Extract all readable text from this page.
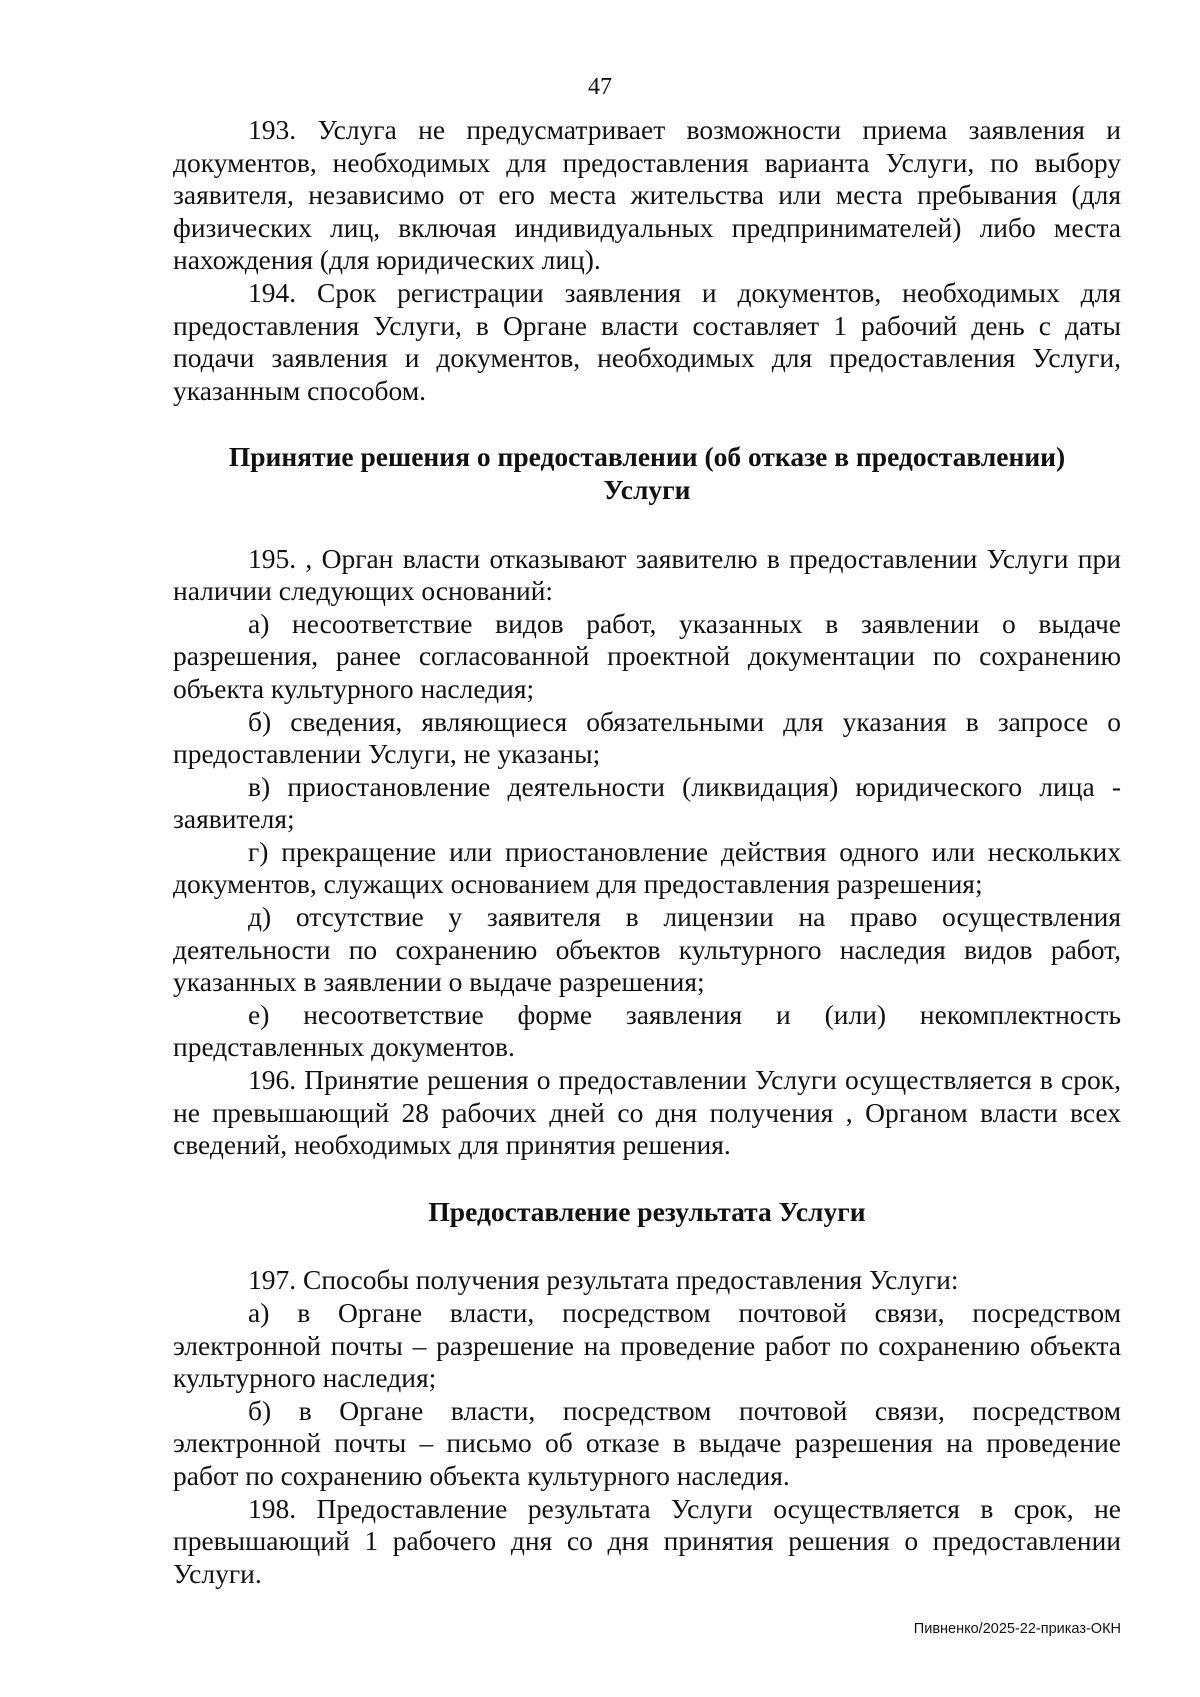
47

193. Услуга не предусматривает возможности приема заявления и документов, необходимых для предоставления варианта Услуги, по выбору заявителя, независимо от его места жительства или места пребывания (для физических лиц, включая индивидуальных предпринимателей) либо места нахождения (для юридических лиц).

194. Срок регистрации заявления и документов, необходимых для предоставления Услуги, в Органе власти составляет 1 рабочий день с даты подачи заявления и документов, необходимых для предоставления Услуги, указанным способом.

Принятие решения о предоставлении (об отказе в предоставлении)
Услуги

195. , Орган власти отказывают заявителю в предоставлении Услуги при наличии следующих оснований:

а) несоответствие видов работ, указанных в заявлении о выдаче разрешения, ранее согласованной проектной документации по сохранению объекта культурного наследия;

б) сведения, являющиеся обязательными для указания в запросе о предоставлении Услуги, не указаны;

в) приостановление деятельности (ликвидация) юридического лица - заявителя;

г) прекращение или приостановление действия одного или нескольких документов, служащих основанием для предоставления разрешения;

д) отсутствие у заявителя в лицензии на право осуществления деятельности по сохранению объектов культурного наследия видов работ, указанных в заявлении о выдаче разрешения;

е) несоответствие форме заявления и (или) некомплектность представленных документов.

196. Принятие решения о предоставлении Услуги осуществляется в срок, не превышающий 28 рабочих дней со дня получения , Органом власти всех сведений, необходимых для принятия решения.

Предоставление результата Услуги

197. Способы получения результата предоставления Услуги:

а) в Органе власти, посредством почтовой связи, посредством электронной почты – разрешение на проведение работ по сохранению объекта культурного наследия;

б) в Органе власти, посредством почтовой связи, посредством электронной почты – письмо об отказе в выдаче разрешения на проведение работ по сохранению объекта культурного наследия.

198. Предоставление результата Услуги осуществляется в срок, не превышающий 1 рабочего дня со дня принятия решения о предоставлении Услуги.

Пивненко/2025-22-приказ-ОКН
